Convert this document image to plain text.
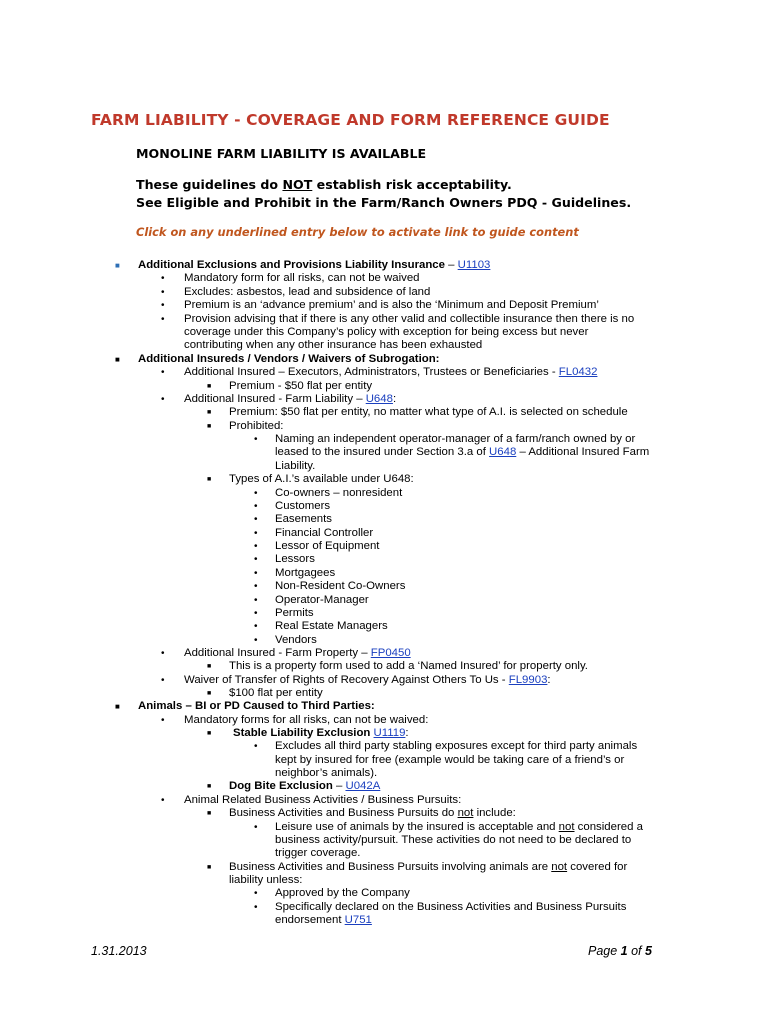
FARM LIABILITY - COVERAGE AND FORM REFERENCE GUIDE

MONOLINE FARM LIABILITY IS AVAILABLE

These guidelines do NOT establish risk acceptability.

See Eligible and Prohibit in the Farm/Ranch Owners PDQ - Guidelines.

Click on any underlined entry below to activate link to guide content

■ Additional Exclusions and Provisions Liability Insurance – U1103
• Mandatory form for all risks, can not be waived
• Excludes: asbestos, lead and subsidence of land
• Premium is an ‘advance premium’ and is also the ‘Minimum and Deposit Premium’
• Provision advising that if there is any other valid and collectible insurance then there is no
coverage under this Company’s policy with exception for being excess but never
contributing when any other insurance has been exhausted
■ Additional Insureds / Vendors / Waivers of Subrogation:
• Additional Insured – Executors, Administrators, Trustees or Beneficiaries - FL0432
■ Premium - $50 flat per entity
• Additional Insured - Farm Liability – U648:
■ Premium: $50 flat per entity, no matter what type of A.I. is selected on schedule
■ Prohibited:
• Naming an independent operator-manager of a farm/ranch owned by or
leased to the insured under Section 3.a of U648 – Additional Insured Farm
Liability.
■ Types of A.I.’s available under U648:
• Co-owners – nonresident
• Customers
• Easements
• Financial Controller
• Lessor of Equipment
• Lessors
• Mortgagees
• Non-Resident Co-Owners
• Operator-Manager
• Permits
• Real Estate Managers
• Vendors
• Additional Insured - Farm Property – FP0450
■ This is a property form used to add a ‘Named Insured’ for property only.
• Waiver of Transfer of Rights of Recovery Against Others To Us - FL9903:
■ $100 flat per entity
■ Animals – BI or PD Caused to Third Parties:
• Mandatory forms for all risks, can not be waived:
■ Stable Liability Exclusion U1119:
• Excludes all third party stabling exposures except for third party animals
kept by insured for free (example would be taking care of a friend’s or
neighbor’s animals).
■ Dog Bite Exclusion – U042A
• Animal Related Business Activities / Business Pursuits:
■ Business Activities and Business Pursuits do not include:
• Leisure use of animals by the insured is acceptable and not considered a
business activity/pursuit. These activities do not need to be declared to
trigger coverage.
■ Business Activities and Business Pursuits involving animals are not covered for
liability unless:
• Approved by the Company
• Specifically declared on the Business Activities and Business Pursuits
endorsement U751

1.31.2013	Page 1 of 5
